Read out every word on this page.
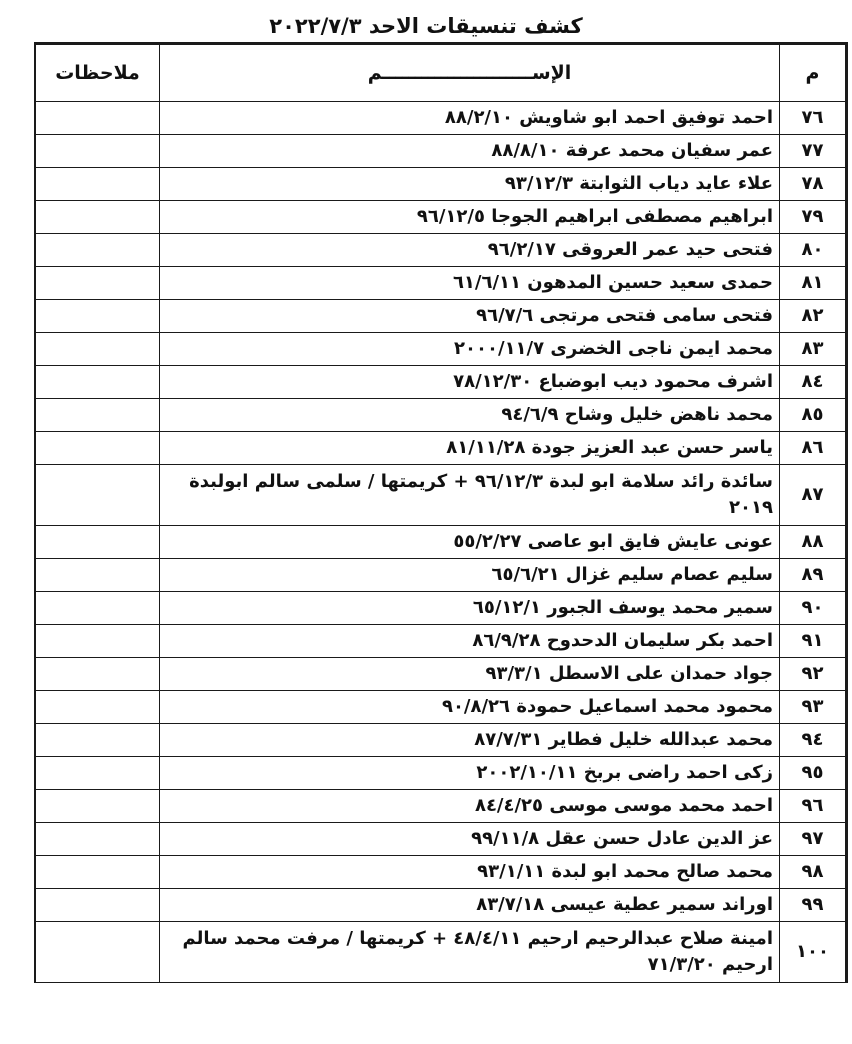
كشف تنسيقات الاحد ٢٠٢٢/٧/٣
م	الإســـــــــــــــــــــــم	ملاحظات
٧٦	احمد توفيق احمد ابو شاويش ٨٨/٢/١٠	
٧٧	عمر سفيان محمد عرفة ٨٨/٨/١٠	
٧٨	علاء عايد دياب الثوابتة ٩٣/١٢/٣	
٧٩	ابراهيم مصطفى ابراهيم الجوجا ٩٦/١٢/٥	
٨٠	فتحى حيد عمر العروقى ٩٦/٢/١٧	
٨١	حمدى سعيد حسين المدهون ٦١/٦/١١	
٨٢	فتحى سامى فتحى مرتجى ٩٦/٧/٦	
٨٣	محمد ايمن ناجى الخضرى ٢٠٠٠/١١/٧	
٨٤	اشرف محمود ديب ابوضباع ٧٨/١٢/٣٠	
٨٥	محمد ناهض خليل وشاح ٩٤/٦/٩	
٨٦	ياسر حسن عبد العزيز جودة ٨١/١١/٢٨	
٨٧	سائدة رائد سلامة ابو لبدة ٩٦/١٢/٣ + كريمتها / سلمى سالم ابولبدة ٢٠١٩	
٨٨	عونى عايش فايق ابو عاصى ٥٥/٢/٢٧	
٨٩	سليم عصام سليم غزال ٦٥/٦/٢١	
٩٠	سمير محمد يوسف الجبور ٦٥/١٢/١	
٩١	احمد بكر سليمان الدحدوح ٨٦/٩/٢٨	
٩٢	جواد حمدان على الاسطل ٩٣/٣/١	
٩٣	محمود محمد اسماعيل حمودة ٩٠/٨/٢٦	
٩٤	محمد عبدالله خليل فطاير ٨٧/٧/٣١	
٩٥	زكى احمد راضى بربخ ٢٠٠٢/١٠/١١	
٩٦	احمد محمد موسى موسى ٨٤/٤/٢٥	
٩٧	عز الدين عادل حسن عقل ٩٩/١١/٨	
٩٨	محمد صالح محمد ابو لبدة ٩٣/١/١١	
٩٩	اوراند سمير عطية عيسى ٨٣/٧/١٨	
١٠٠	امينة صلاح عبدالرحيم ارحيم ٤٨/٤/١١ + كريمتها / مرفت محمد سالم ارحيم ٧١/٣/٢٠	
